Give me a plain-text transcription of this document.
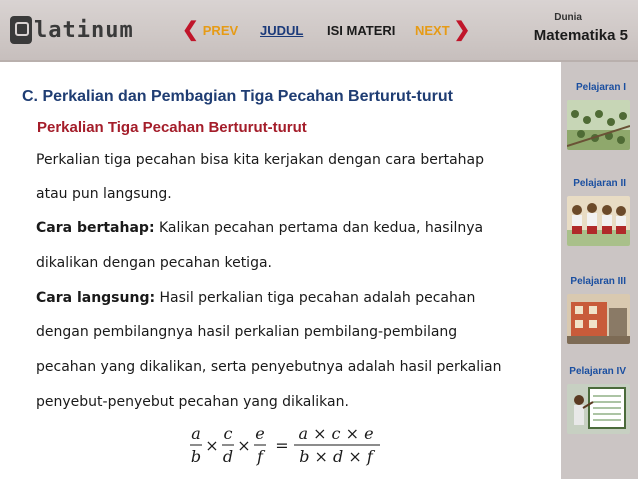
latinum ❮ PREV JUDUL ISI MATERI NEXT ❯
Dunia
Matematika 5
C. Perkalian dan Pembagian Tiga Pecahan Berturut-turut
Perkalian Tiga Pecahan Berturut-turut
Perkalian tiga pecahan bisa kita kerjakan dengan cara bertahap
atau pun langsung.
Cara bertahap: Kalikan pecahan pertama dan kedua, hasilnya
dikalikan dengan pecahan ketiga.
Cara langsung: Hasil perkalian tiga pecahan adalah pecahan
dengan pembilangnya hasil perkalian pembilang-pembilang
pecahan yang dikalikan, serta penyebutnya adalah hasil perkalian
penyebut-penyebut pecahan yang dikalikan.
a
b
×
c
d
×
e
f
=
a × c × e
b × d × f
Pelajaran I
Pelajaran II
Pelajaran III
Pelajaran IV
